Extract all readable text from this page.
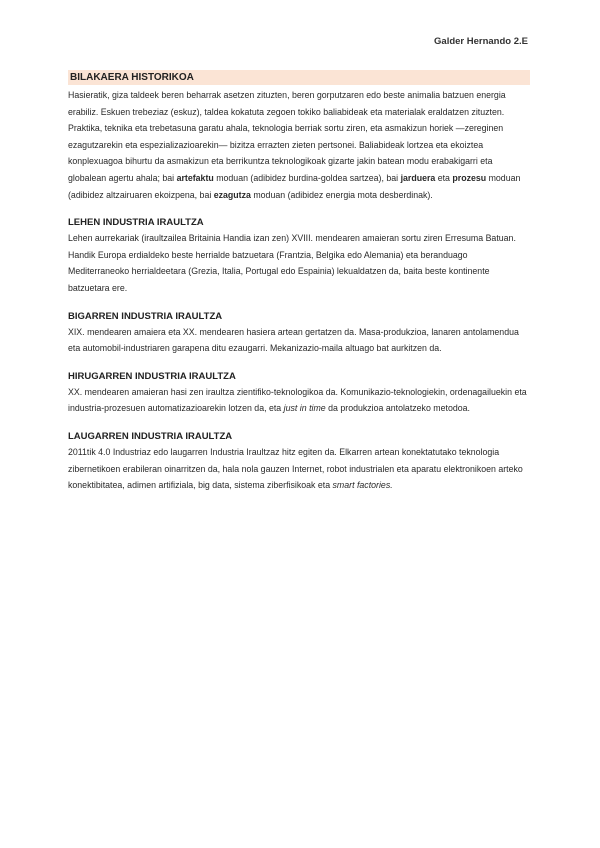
Galder Hernando 2.E
BILAKAERA HISTORIKOA

Hasieratik, giza taldeek beren beharrak asetzen zituzten, beren gorputzaren edo beste animalia batzuen energia erabiliz. Eskuen trebeziaz (eskuz), taldea kokatuta zegoen tokiko baliabideak eta materialak eraldatzen zituzten. Praktika, teknika eta trebetasuna garatu ahala, teknologia berriak sortu ziren, eta asmakizun horiek —zereginen ezagutzarekin eta espezializazioarekin— bizitza errazten zieten pertsonei. Baliabideak lortzea eta ekoiztea konplexuagoa bihurtu da asmakizun eta berrikuntza teknologikoak gizarte jakin batean modu erabakigarri eta globalean agertu ahala; bai artefaktu moduan (adibidez burdina-goldea sartzea), bai jarduera eta prozesu moduan (adibidez altzairuaren ekoizpena, bai ezagutza moduan (adibidez energia mota desberdinak).

LEHEN INDUSTRIA IRAULTZA

Lehen aurrekariak (iraultzailea Britainia Handia izan zen) XVIII. mendearen amaieran sortu ziren Erresuma Batuan. Handik Europa erdialdeko beste herrialde batzuetara (Frantzia, Belgika edo Alemania) eta beranduago Mediterraneoko herrialdeetara (Grezia, Italia, Portugal edo Espainia) lekualdatzen da, baita beste kontinente batzuetara ere.

BIGARREN INDUSTRIA IRAULTZA

XIX. mendearen amaiera eta XX. mendearen hasiera artean gertatzen da. Masa-produkzioa, lanaren antolamendua eta automobil-industriaren garapena ditu ezaugarri. Mekanizazio-maila altuago bat aurkitzen da.

HIRUGARREN INDUSTRIA IRAULTZA

XX. mendearen amaieran hasi zen iraultza zientifiko-teknologikoa da. Komunikazio-teknologiekin, ordenagailuekin eta industria-prozesuen automatizazioarekin lotzen da, eta just in time da produkzioa antolatzeko metodoa.

LAUGARREN INDUSTRIA IRAULTZA

2011tik 4.0 Industriaz edo laugarren Industria Iraultzaz hitz egiten da. Elkarren artean konektatutako teknologia zibernetikoen erabileran oinarritzen da, hala nola gauzen Internet, robot industrialen eta aparatu elektronikoen arteko konektibitatea, adimen artifiziala, big data, sistema ziberfisikoak eta smart factories.
